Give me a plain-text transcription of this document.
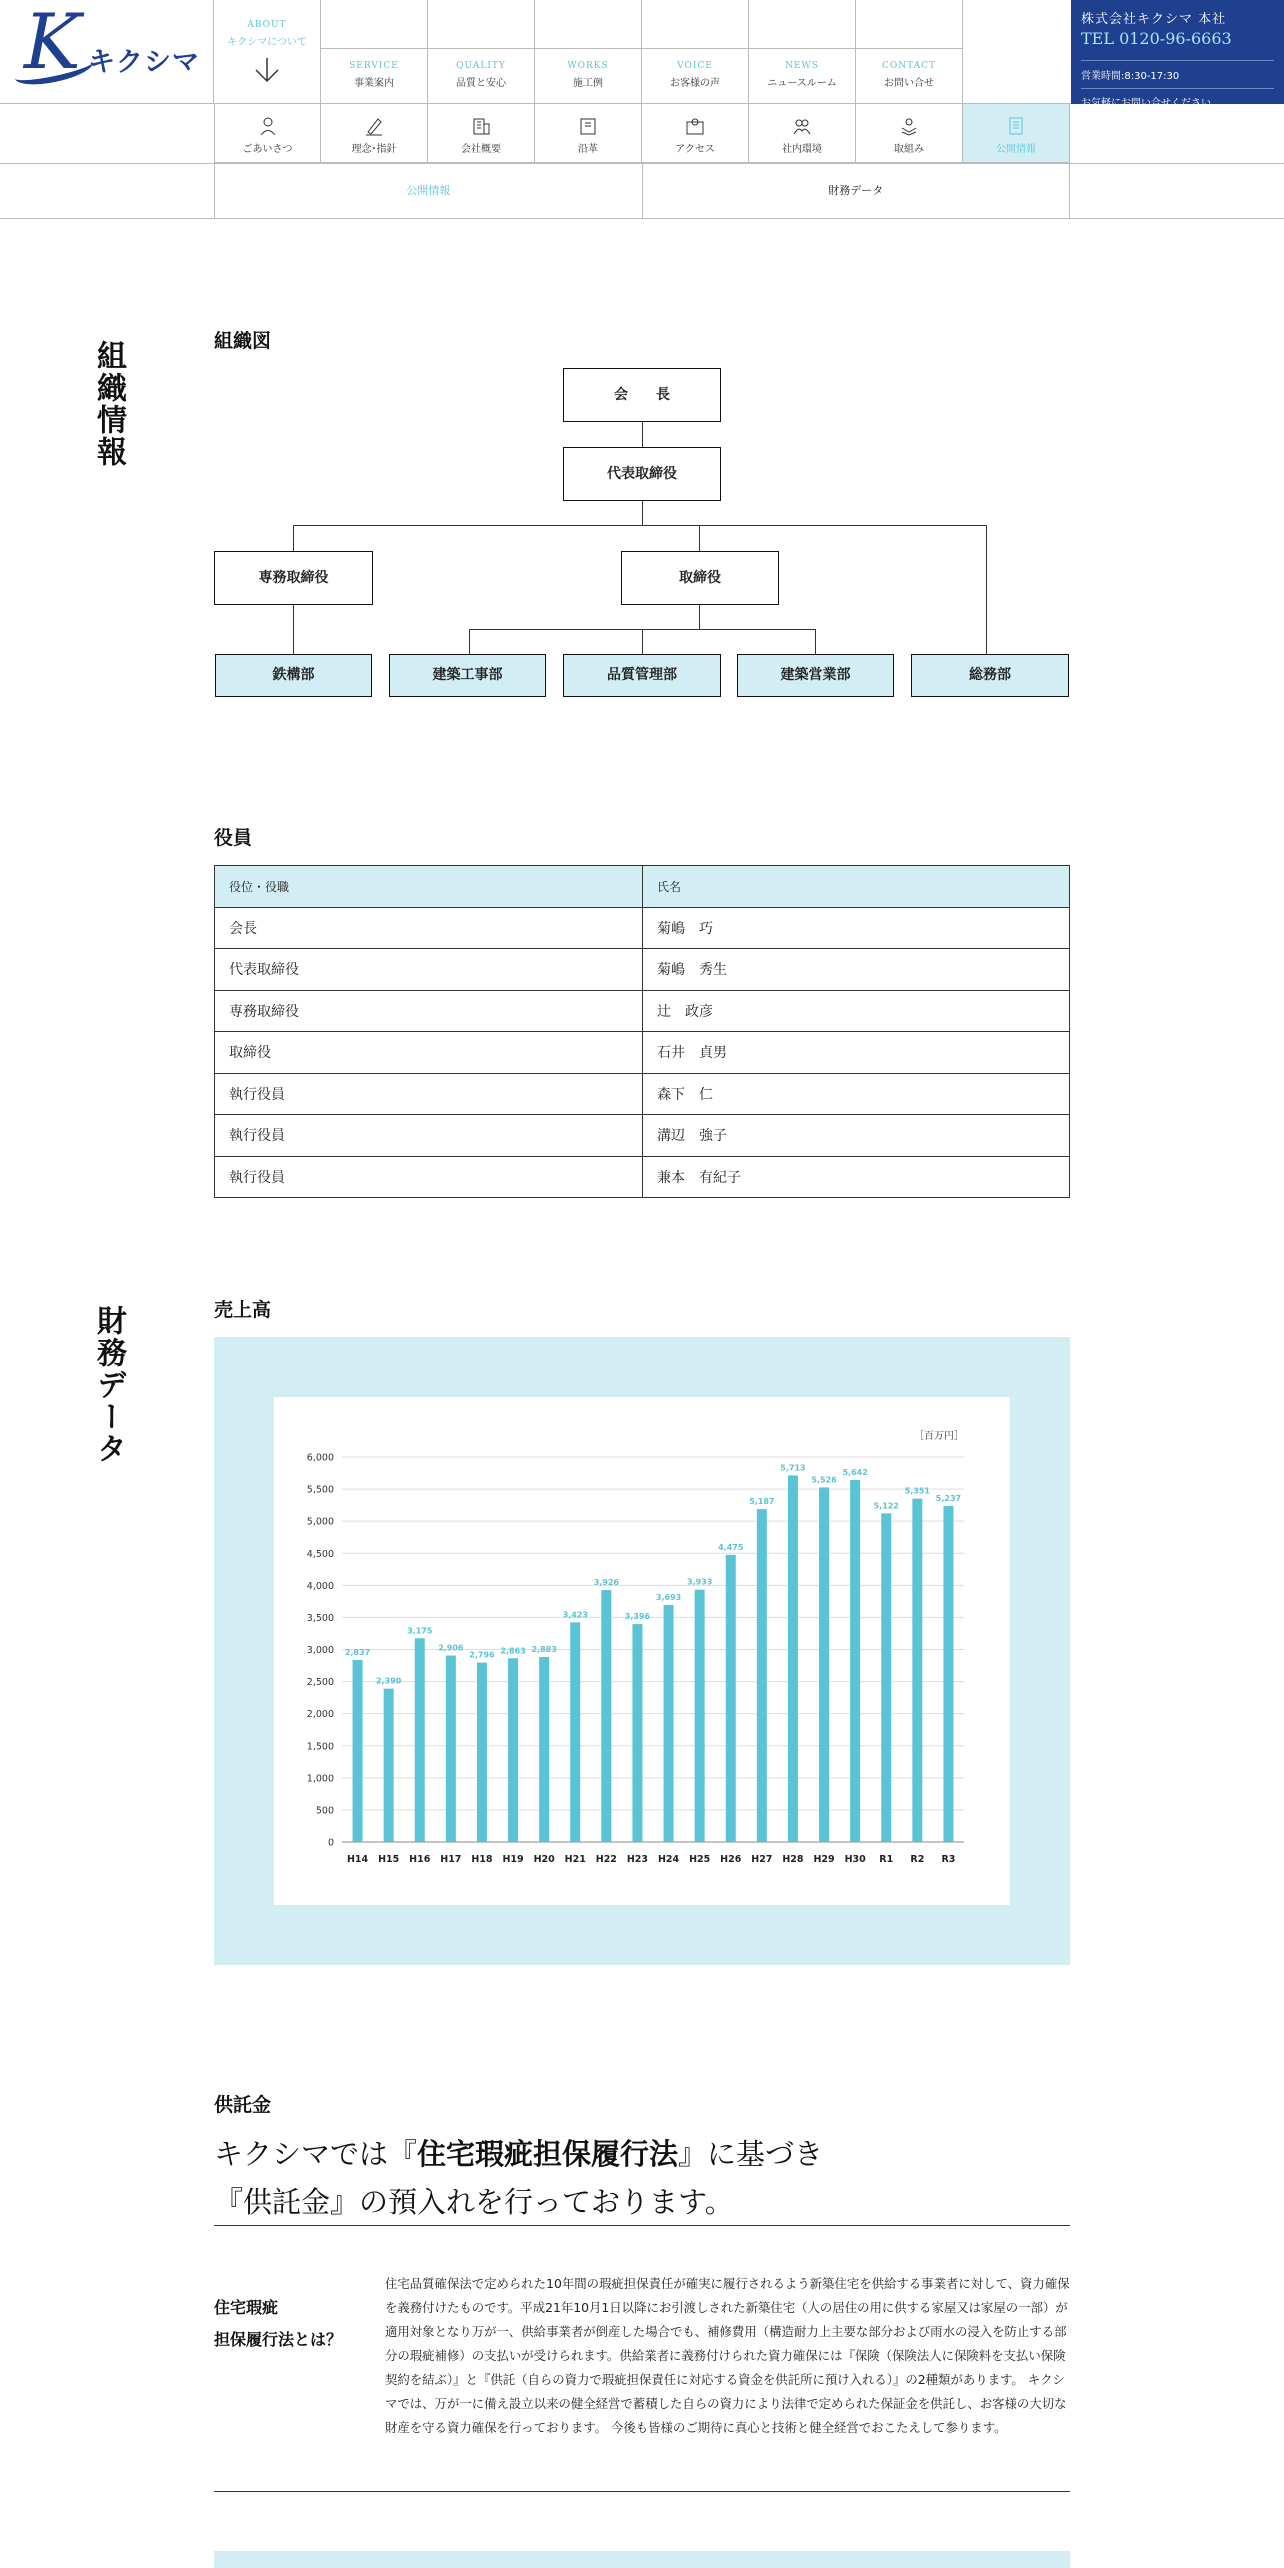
K キクシマ
ABOUT
キクシマについて
SERVICE
事業案内
QUALITY
品質と安心
WORKS
施工例
VOICE
お客様の声
NEWS
ニュースルーム
CONTACT
お問い合せ
株式会社キクシマ 本社
TEL 0120-96-6663
営業時間:8:30-17:30
お気軽にお問い合せください。
ごあいさつ	理念･指針	会社概要	沿革	アクセス	社内環境	取組み	公開情報
公開情報	財務データ
組織情報	組織図
会　　長
代表取締役
専務取締役	取締役
鉄構部	建築工事部	品質管理部	建築営業部	総務部
役員
役位・役職	氏名
会長	菊嶋　巧
代表取締役	菊嶋　秀生
専務取締役	辻　政彦
取締役	石井　貞男
執行役員	森下　仁
執行役員	溝辺　強子
執行役員	兼本　有紀子
財務データ	売上高
［百万円］
0
500
1,000
1,500
2,000
2,500
3,000
3,500
4,000
4,500
5,000
5,500
6,000
2,837
H14
2,390
H15
3,175
H16
2,906
H17
2,796
H18
2,863
H19
2,883
H20
3,423
H21
3,926
H22
3,396
H23
3,693
H24
3,933
H25
4,475
H26
5,187
H27
5,713
H28
5,526
H29
5,642
H30
5,122
R1
5,351
R2
5,237
R3
供託金
キクシマでは『住宅瑕疵担保履行法』に基づき
『供託金』の預入れを行っております。
住宅瑕疵
担保履行法とは？
住宅品質確保法で定められた10年間の瑕疵担保責任が確実に履行されるよう新築住宅を供給する事業者に対して、資力確保を義務付けたものです。平成21年10月1日以降にお引渡しされた新築住宅（人の居住の用に供する家屋又は家屋の一部）が適用対象となり万が一、供給事業者が倒産した場合でも、補修費用（構造耐力上主要な部分および雨水の浸入を防止する部分の瑕疵補修）の支払いが受けられます。供給業者に義務付けられた資力確保には『保険（保険法人に保険料を支払い保険契約を結ぶ）』と『供託（自らの資力で瑕疵担保責任に対応する資金を供託所に預け入れる）』の2種類があります。 キクシマでは、万が一に備え設立以来の健全経営で蓄積した自らの資力により法律で定められた保証金を供託し、お客様の大切な財産を守る資力確保を行っております。 今後も皆様のご期待に真心と技術と健全経営でおこたえして参ります。
